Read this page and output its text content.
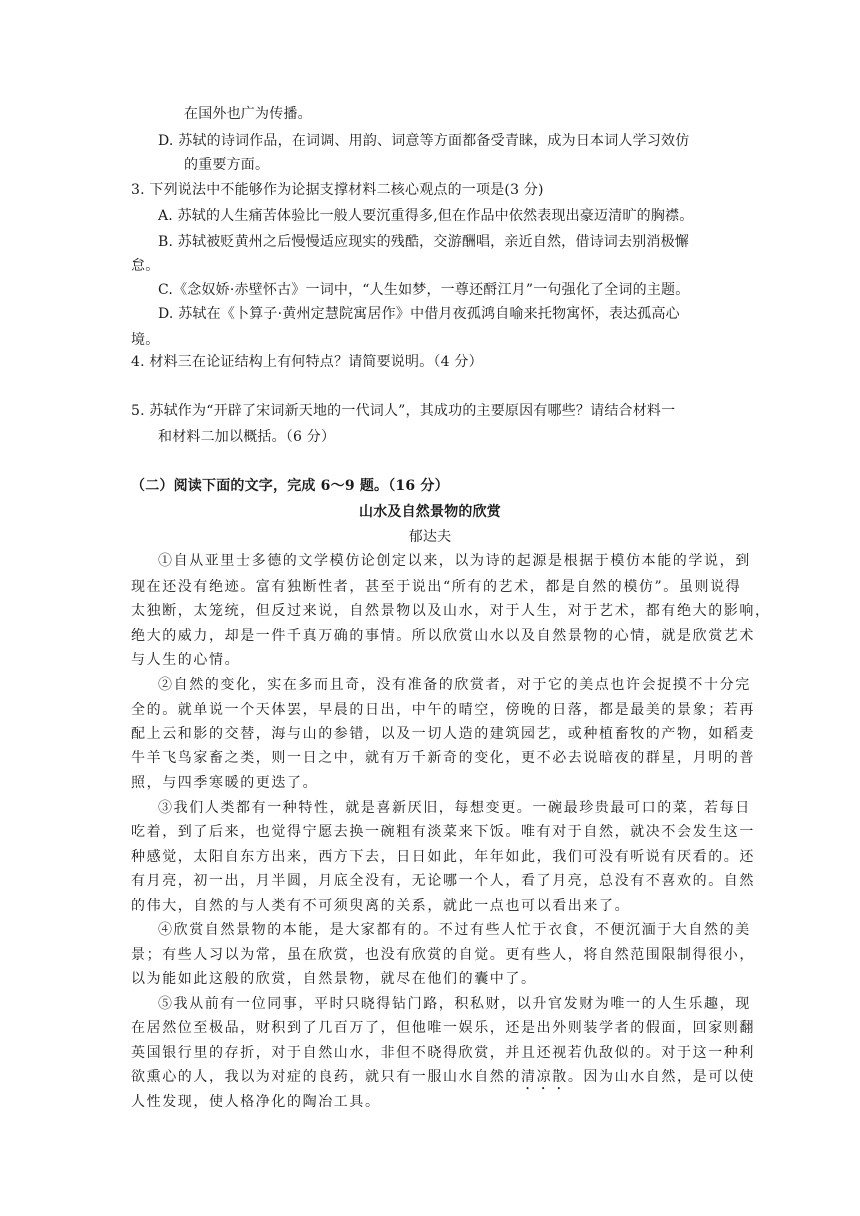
在国外也广为传播。
D. 苏轼的诗词作品，在词调、用韵、词意等方面都备受青睐，成为日本词人学习效仿
的重要方面。
3. 下列说法中不能够作为论据支撑材料二核心观点的一项是(3 分)
A. 苏轼的人生痛苦体验比一般人要沉重得多,但在作品中依然表现出豪迈清旷的胸襟。
B. 苏轼被贬黄州之后慢慢适应现实的残酷，交游酬唱，亲近自然，借诗词去别消极懈
怠。
C.《念奴娇·赤壁怀古》一词中，“人生如梦，一尊还酹江月”一句强化了全词的主题。
D. 苏轼在《卜算子·黄州定慧院寓居作》中借月夜孤鸿自喻来托物寓怀，表达孤高心
境。
4. 材料三在论证结构上有何特点？请简要说明。（4 分）
5. 苏轼作为“开辟了宋词新天地的一代词人”，其成功的主要原因有哪些？请结合材料一
和材料二加以概括。（6 分）
（二）阅读下面的文字，完成 6～9 题。（16 分）
山水及自然景物的欣赏
郁达夫
①自从亚里士多德的文学模仿论创定以来，以为诗的起源是根据于模仿本能的学说，到
现在还没有绝迹。富有独断性者，甚至于说出“所有的艺术，都是自然的模仿”。虽则说得
太独断，太笼统，但反过来说，自然景物以及山水，对于人生，对于艺术，都有绝大的影响，
绝大的威力，却是一件千真万确的事情。所以欣赏山水以及自然景物的心情，就是欣赏艺术
与人生的心情。
②自然的变化，实在多而且奇，没有准备的欣赏者，对于它的美点也许会捉摸不十分完
全的。就单说一个天体罢，早晨的日出，中午的晴空，傍晚的日落，都是最美的景象；若再
配上云和影的交替，海与山的参错，以及一切人造的建筑园艺，或种植畜牧的产物，如稻麦
牛羊飞鸟家畜之类，则一日之中，就有万千新奇的变化，更不必去说暗夜的群星，月明的普
照，与四季寒暖的更迭了。
③我们人类都有一种特性，就是喜新厌旧，每想变更。一碗最珍贵最可口的菜，若每日
吃着，到了后来，也觉得宁愿去换一碗粗有淡菜来下饭。唯有对于自然，就决不会发生这一
种感觉，太阳自东方出来，西方下去，日日如此，年年如此，我们可没有听说有厌看的。还
有月亮，初一出，月半圆，月底全没有，无论哪一个人，看了月亮，总没有不喜欢的。自然
的伟大，自然的与人类有不可须臾离的关系，就此一点也可以看出来了。
④欣赏自然景物的本能，是大家都有的。不过有些人忙于衣食，不便沉湎于大自然的美
景；有些人习以为常，虽在欣赏，也没有欣赏的自觉。更有些人，将自然范围限制得很小，
以为能如此这般的欣赏，自然景物，就尽在他们的囊中了。
⑤我从前有一位同事，平时只晓得钻门路，积私财，以升官发财为唯一的人生乐趣，现
在居然位至极品，财积到了几百万了，但他唯一娱乐，还是出外则装学者的假面，回家则翻
英国银行里的存折，对于自然山水，非但不晓得欣赏，并且还视若仇敌似的。对于这一种利
欲熏心的人，我以为对症的良药，就只有一服山水自然的清凉散。因为山水自然，是可以使
人性发现，使人格净化的陶冶工具。
